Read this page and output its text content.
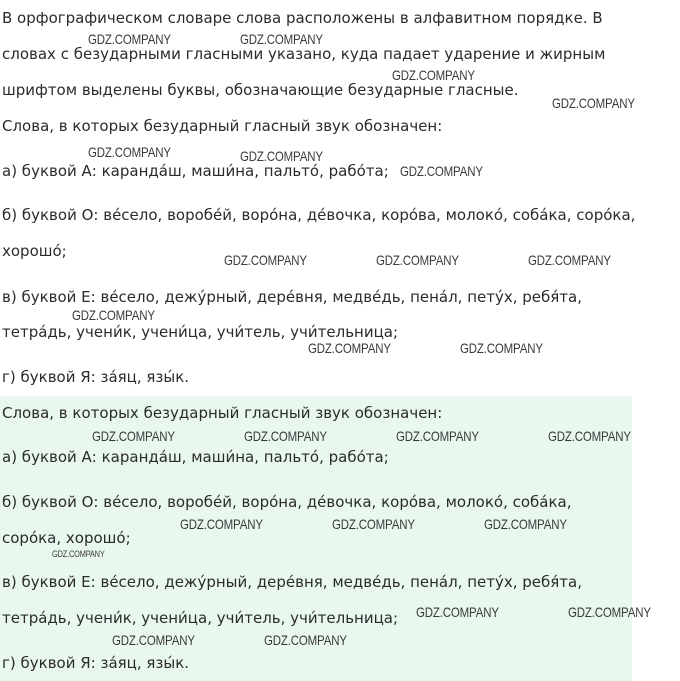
В орфографическом словаре слова расположены в алфавитном порядке. В
словах с безударными гласными указано, куда падает ударение и жирным
шрифтом выделены буквы, обозначающие безударные гласные.
Слова, в которых безударный гласный звук обозначен:
а) буквой А: каранда́ш, маши́на, пальто́, рабо́та;
б) буквой О: ве́село, воробе́й, воро́на, де́вочка, коро́ва, молоко́, соба́ка, соро́ка,
хорошо́;
в) буквой Е: ве́село, дежу́рный, дере́вня, медве́дь, пена́л, пету́х, ребя́та,
тетра́дь, учени́к, учени́ца, учи́тель, учи́тельница;
г) буквой Я: за́яц, язы́к.
Слова, в которых безударный гласный звук обозначен:
а) буквой А: каранда́ш, маши́на, пальто́, рабо́та;
б) буквой О: ве́село, воробе́й, воро́на, де́вочка, коро́ва, молоко́, соба́ка,
соро́ка, хорошо́;
в) буквой Е: ве́село, дежу́рный, дере́вня, медве́дь, пена́л, пету́х, ребя́та,
тетра́дь, учени́к, учени́ца, учи́тель, учи́тельница;
г) буквой Я: за́яц, язы́к.
GDZ.COMPANY	GDZ.COMPANY
GDZ.COMPANY
GDZ.COMPANY
GDZ.COMPANY	GDZ.COMPANY
GDZ.COMPANY
GDZ.COMPANY	GDZ.COMPANY	GDZ.COMPANY
GDZ.COMPANY
GDZ.COMPANY	GDZ.COMPANY
GDZ.COMPANY	GDZ.COMPANY	GDZ.COMPANY	GDZ.COMPANY
GDZ.COMPANY	GDZ.COMPANY	GDZ.COMPANY
GDZ.COMPANY
GDZ.COMPANY	GDZ.COMPANY
GDZ.COMPANY	GDZ.COMPANY
